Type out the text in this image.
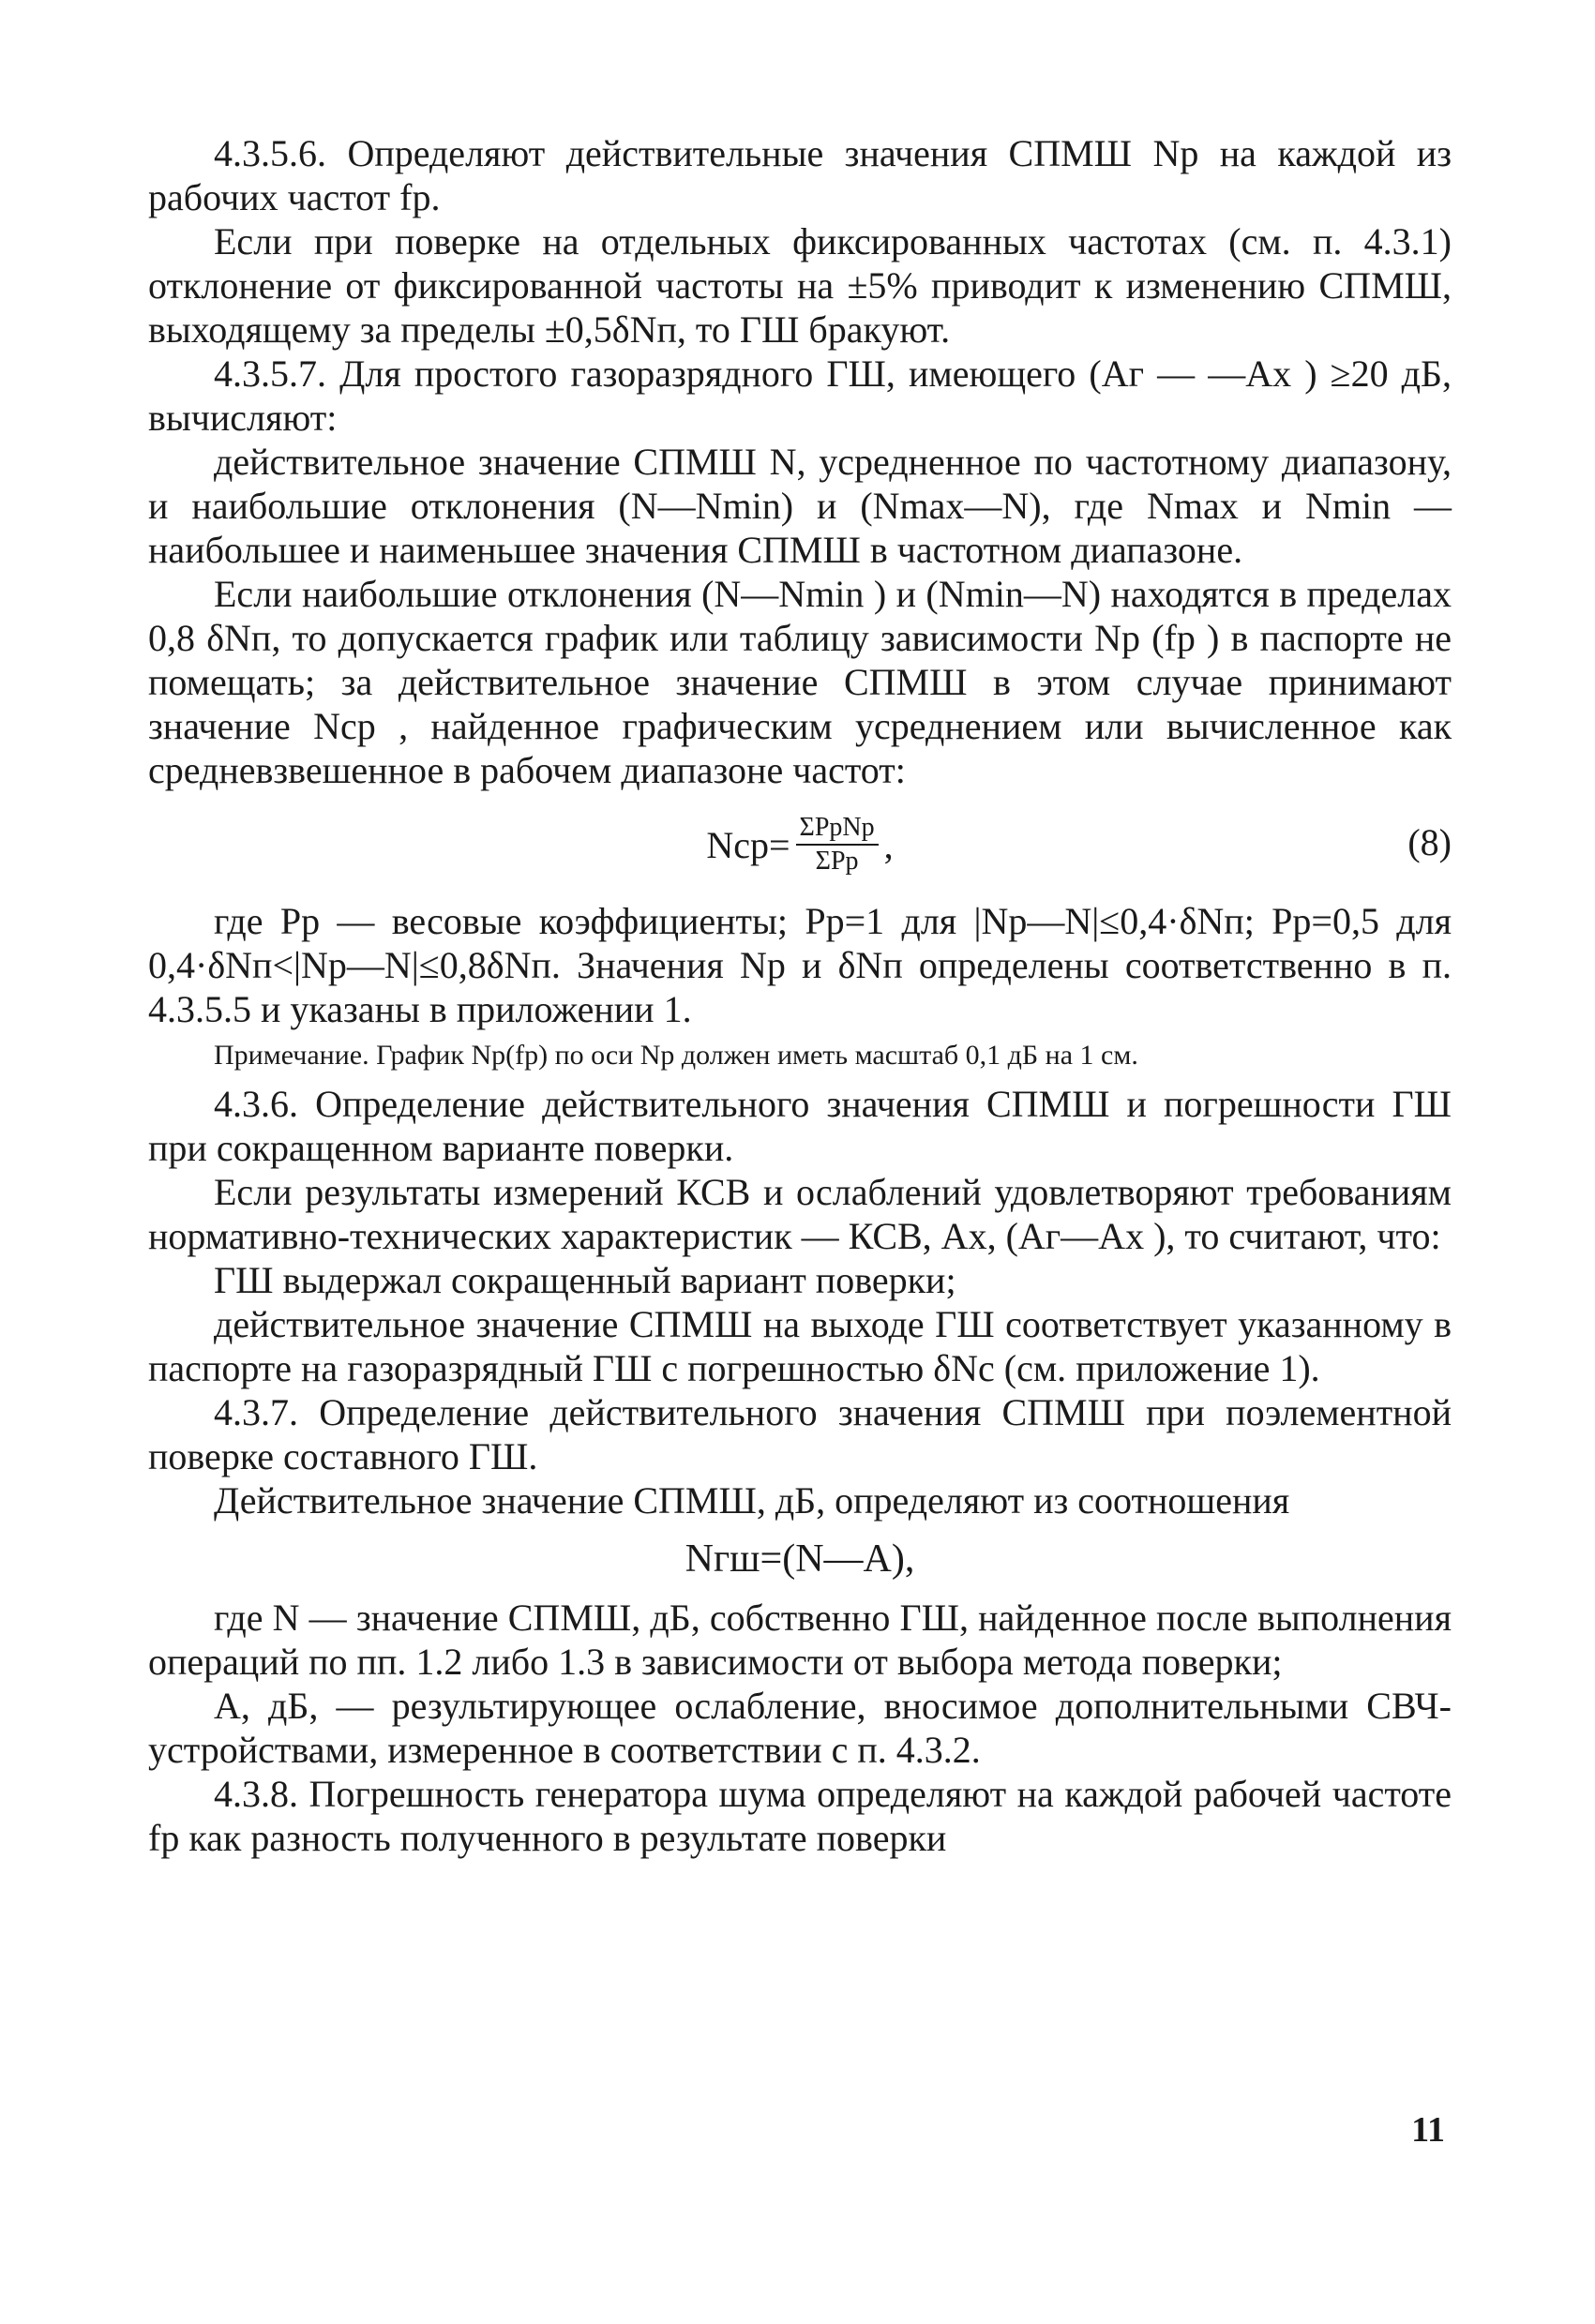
4.3.5.6. Определяют действительные значения СПМШ Nр на каждой из рабочих частот fр.

Если при поверке на отдельных фиксированных частотах (см. п. 4.3.1) отклонение от фиксированной частоты на ±5% приводит к изменению СПМШ, выходящему за пределы ±0,5δNп, то ГШ бракуют.

4.3.5.7. Для простого газоразрядного ГШ, имеющего (Aг — —Aх ) ≥20 дБ, вычисляют:

действительное значение СПМШ N, усредненное по частотному диапазону, и наибольшие отклонения (N—Nmin) и (Nmax—N), где Nmax и Nmin — наибольшее и наименьшее значения СПМШ в частотном диапазоне.

Если наибольшие отклонения (N—Nmin ) и (Nmin—N) находятся в пределах 0,8 δNп, то допускается график или таблицу зависимости Nр (fр ) в паспорте не помещать; за действительное значение СПМШ в этом случае принимают значение Nср , найденное графическим усреднением или вычисленное как средневзвешенное в рабочем диапазоне частот:

$Nср= \frac{\text{ΣPрNр}}{\text{ΣPр}}$ ,	(8)

где Pр — весовые коэффициенты; Pр=1 для |Nр—N|≤0,4·δNп; Pр=0,5 для 0,4·δNп<|Nр—N|≤0,8δNп. Значения Nр и δNп определены соответственно в п. 4.3.5.5 и указаны в приложении 1.

Примечание. График Nр(fр) по оси Nр должен иметь масштаб 0,1 дБ на 1 см.

4.3.6. Определение действительного значения СПМШ и погрешности ГШ при сокращенном варианте поверки.

Если результаты измерений КСВ и ослаблений удовлетворяют требованиям нормативно-технических характеристик — КСВ, Aх, (Aг—Aх ), то считают, что:

ГШ выдержал сокращенный вариант поверки;

действительное значение СПМШ на выходе ГШ соответствует указанному в паспорте на газоразрядный ГШ с погрешностью δNс (см. приложение 1).

4.3.7. Определение действительного значения СПМШ при поэлементной поверке составного ГШ.

Действительное значение СПМШ, дБ, определяют из соотношения

Nгш=(N—A),

где N — значение СПМШ, дБ, собственно ГШ, найденное после выполнения операций по пп. 1.2 либо 1.3 в зависимости от выбора метода поверки;

A, дБ, — результирующее ослабление, вносимое дополнительными СВЧ-устройствами, измеренное в соответствии с п. 4.3.2.

4.3.8. Погрешность генератора шума определяют на каждой рабочей частоте fр как разность полученного в результате поверки

11
